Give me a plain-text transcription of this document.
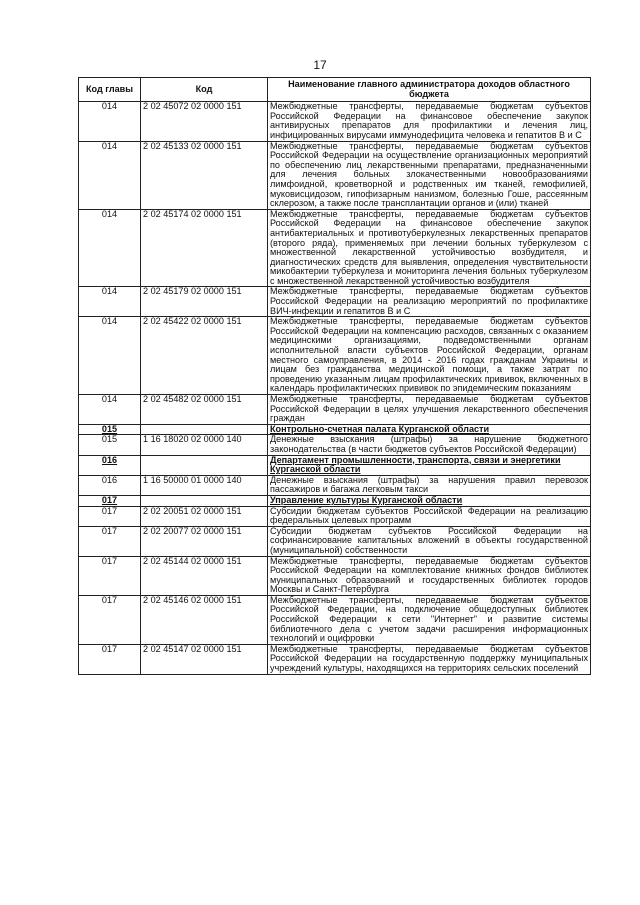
17
Код главы	Код	Наименование главного администратора доходов областного бюджета
014	2 02 45072 02 0000 151	Межбюджетные трансферты, передаваемые бюджетам субъектов Российской Федерации на финансовое обеспечение закупок антивирусных препаратов для профилактики и лечения лиц, инфицированных вирусами иммунодефицита человека и гепатитов В и С
014	2 02 45133 02 0000 151	Межбюджетные трансферты, передаваемые бюджетам субъектов Российской Федерации на осуществление организационных мероприятий по обеспечению лиц лекарственными препаратами, предназначенными для лечения больных злокачественными новообразованиями лимфоидной, кроветворной и родственных им тканей, гемофилией, муковисцидозом, гипофизарным нанизмом, болезнью Гоше, рассеянным склерозом, а также после трансплантации органов и (или) тканей
014	2 02 45174 02 0000 151	Межбюджетные трансферты, передаваемые бюджетам субъектов Российской Федерации на финансовое обеспечение закупок антибактериальных и противотуберкулезных лекарственных препаратов (второго ряда), применяемых при лечении больных туберкулезом с множественной лекарственной устойчивостью возбудителя, и диагностических средств для выявления, определения чувствительности микобактерии туберкулеза и мониторинга лечения больных туберкулезом с множественной лекарственной устойчивостью возбудителя
014	2 02 45179 02 0000 151	Межбюджетные трансферты, передаваемые бюджетам субъектов Российской Федерации на реализацию мероприятий по профилактике ВИЧ-инфекции и гепатитов В и С
014	2 02 45422 02 0000 151	Межбюджетные трансферты, передаваемые бюджетам субъектов Российской Федерации на компенсацию расходов, связанных с оказанием медицинскими организациями, подведомственными органам исполнительной власти субъектов Российской Федерации, органам местного самоуправления, в 2014 - 2016 годах гражданам Украины и лицам без гражданства медицинской помощи, а также затрат по проведению указанным лицам профилактических прививок, включенных в календарь профилактических прививок по эпидемическим показаниям
014	2 02 45482 02 0000 151	Межбюджетные трансферты, передаваемые бюджетам субъектов Российской Федерации в целях улучшения лекарственного обеспечения граждан
015		Контрольно-счетная палата Курганской области
015	1 16 18020 02 0000 140	Денежные взыскания (штрафы) за нарушение бюджетного законодательства (в части бюджетов субъектов Российской Федерации)
016		Департамент промышленности, транспорта, связи и энергетики Курганской области
016	1 16 50000 01 0000 140	Денежные взыскания (штрафы) за нарушения правил перевозок пассажиров и багажа легковым такси
017		Управление культуры Курганской области
017	2 02 20051 02 0000 151	Субсидии бюджетам субъектов Российской Федерации на реализацию федеральных целевых программ
017	2 02 20077 02 0000 151	Субсидии бюджетам субъектов Российской Федерации на софинансирование капитальных вложений в объекты государственной (муниципальной) собственности
017	2 02 45144 02 0000 151	Межбюджетные трансферты, передаваемые бюджетам субъектов Российской Федерации на комплектование книжных фондов библиотек муниципальных образований и государственных библиотек городов Москвы и Санкт-Петербурга
017	2 02 45146 02 0000 151	Межбюджетные трансферты, передаваемые бюджетам субъектов Российской Федерации, на подключение общедоступных библиотек Российской Федерации к сети "Интернет" и развитие системы библиотечного дела с учетом задачи расширения информационных технологий и оцифровки
017	2 02 45147 02 0000 151	Межбюджетные трансферты, передаваемые бюджетам субъектов Российской Федерации на государственную поддержку муниципальных учреждений культуры, находящихся на территориях сельских поселений
